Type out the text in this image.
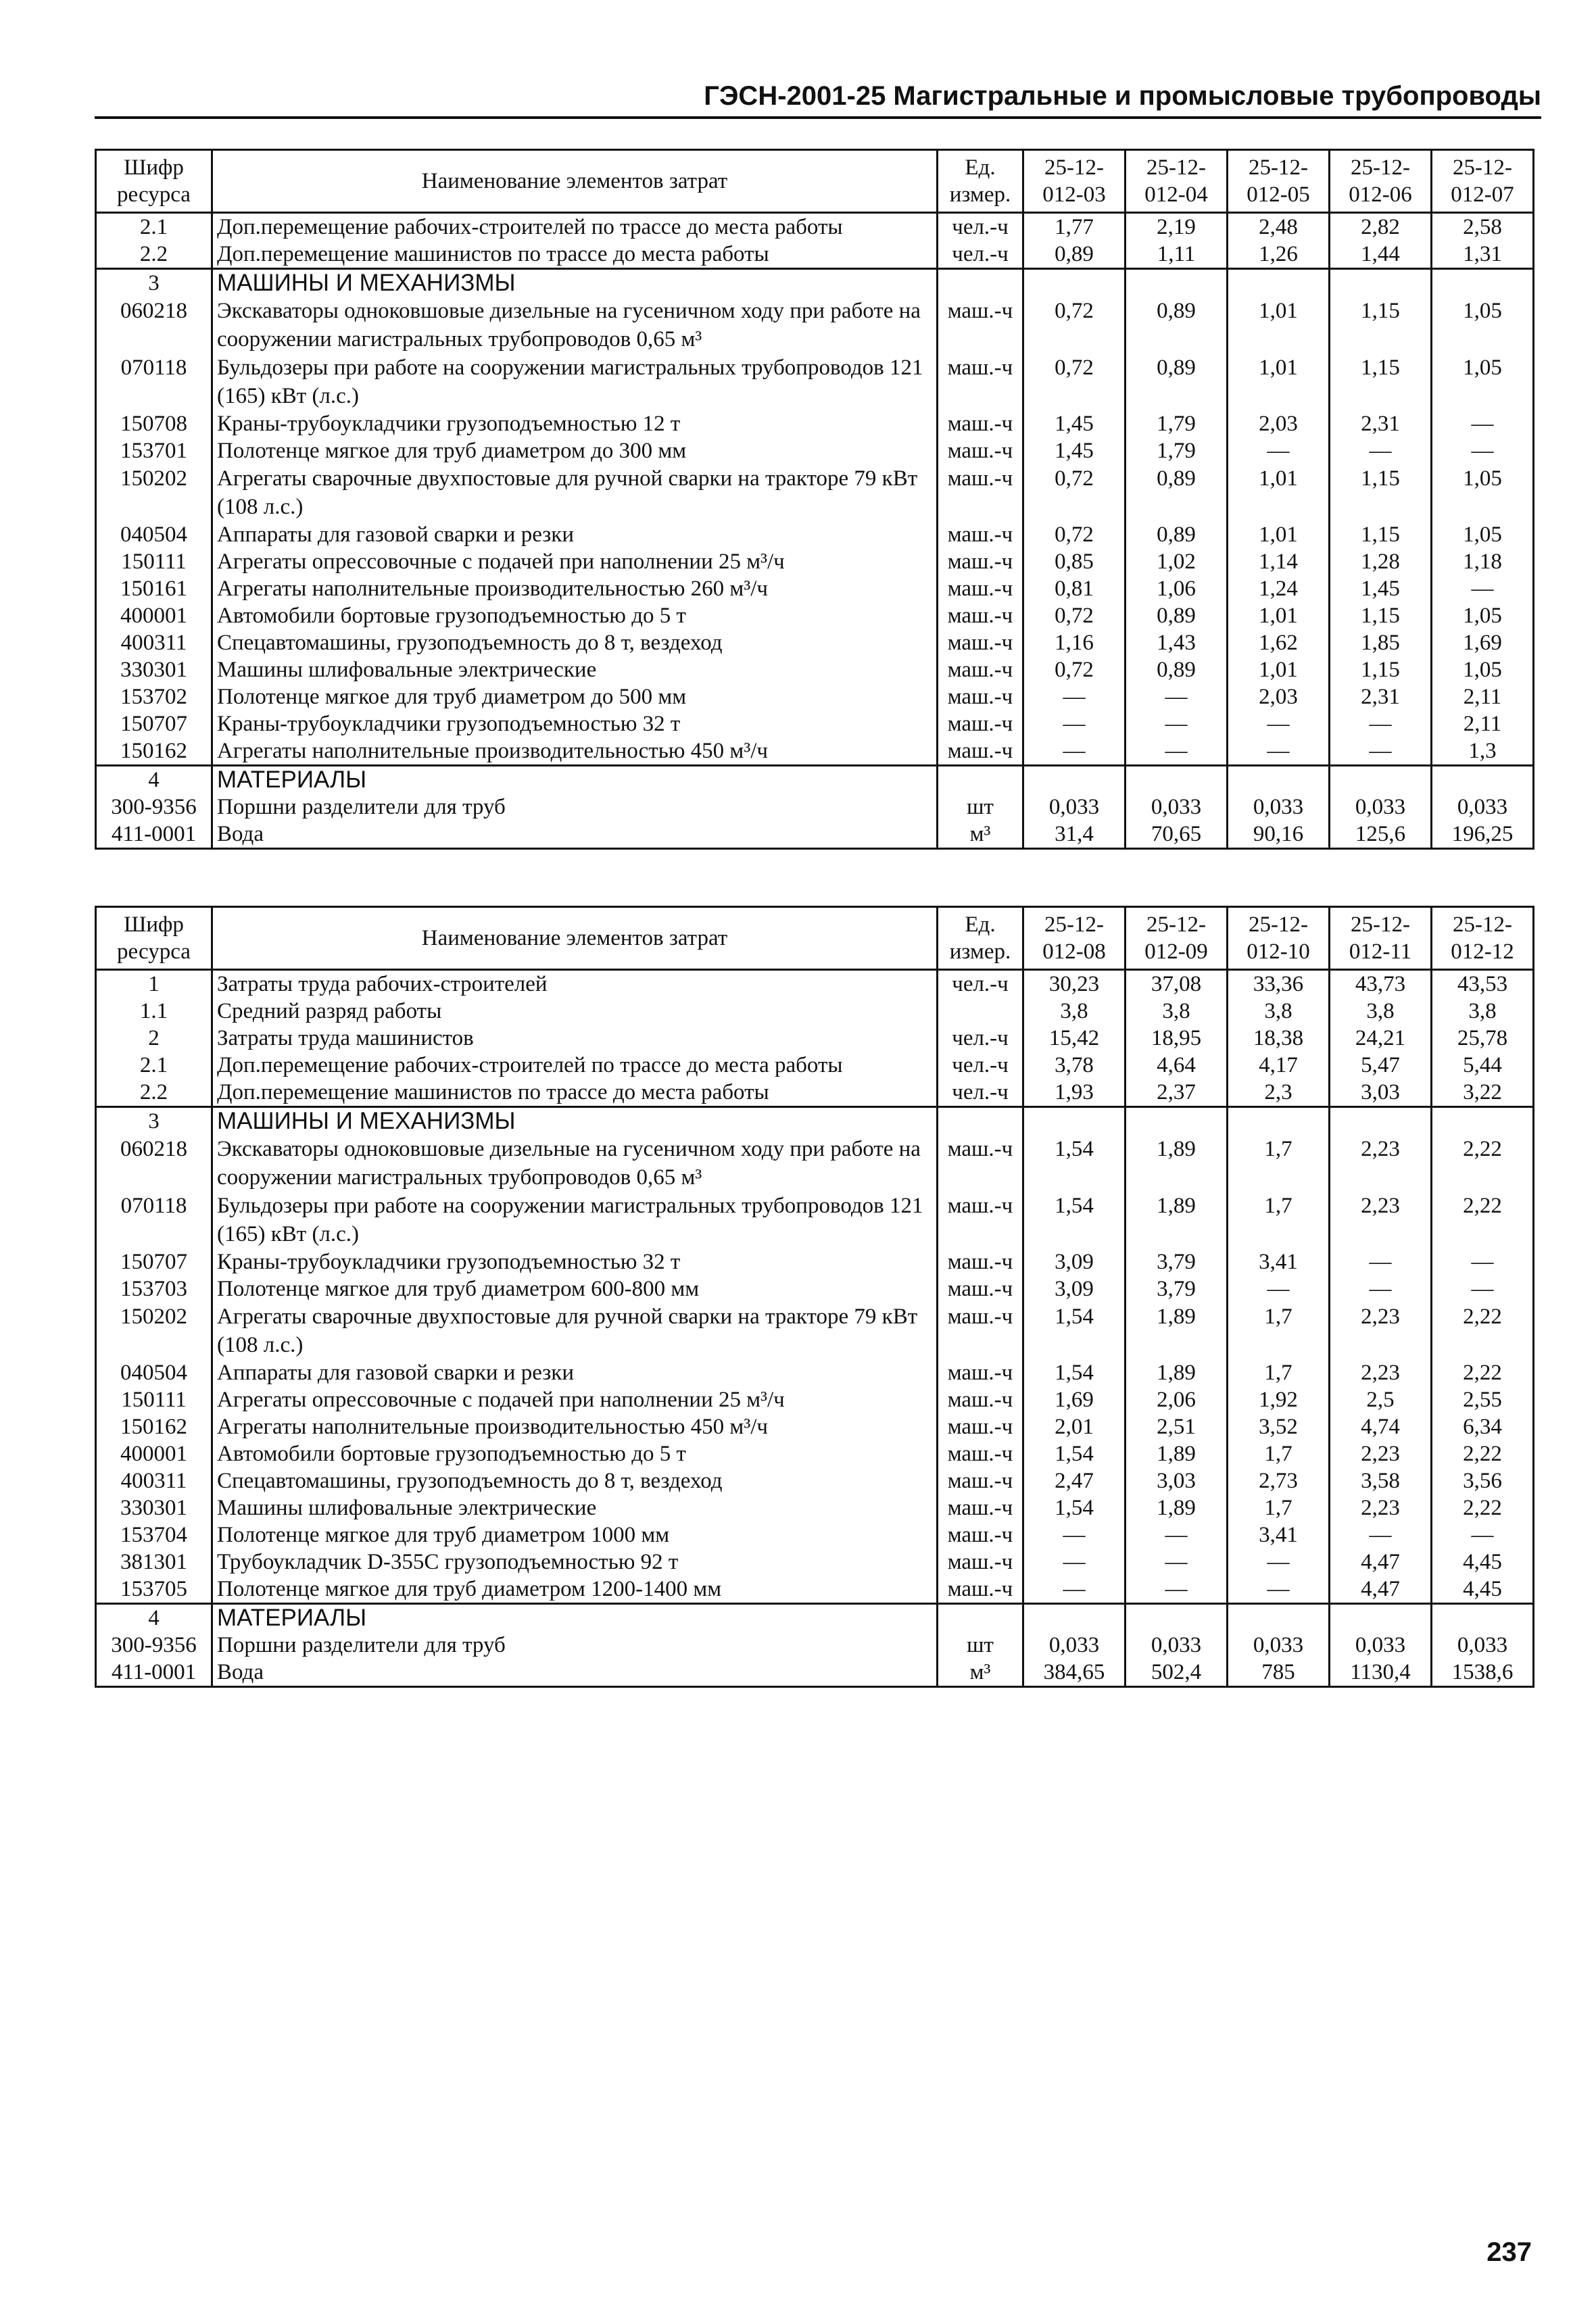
ГЭСН-2001-25 Магистральные и промысловые трубопроводы
Шифр ресурса	Наименование элементов затрат	Ед. измер.	25-12-012-03	25-12-012-04	25-12-012-05	25-12-012-06	25-12-012-07
2.1	Доп.перемещение рабочих-строителей по трассе до места работы	чел.-ч	1,77	2,19	2,48	2,82	2,58
2.2	Доп.перемещение машинистов по трассе до места работы	чел.-ч	0,89	1,11	1,26	1,44	1,31
3	МАШИНЫ И МЕХАНИЗМЫ						
060218	Экскаваторы одноковшовые дизельные на гусеничном ходу при работе на сооружении магистральных трубопроводов 0,65 м³	маш.-ч	0,72	0,89	1,01	1,15	1,05
070118	Бульдозеры при работе на сооружении магистральных трубопроводов 121 (165) кВт (л.с.)	маш.-ч	0,72	0,89	1,01	1,15	1,05
150708	Краны-трубоукладчики грузоподъемностью 12 т	маш.-ч	1,45	1,79	2,03	2,31	—
153701	Полотенце мягкое для труб диаметром до 300 мм	маш.-ч	1,45	1,79	—	—	—
150202	Агрегаты сварочные двухпостовые для ручной сварки на тракторе 79 кВт (108 л.с.)	маш.-ч	0,72	0,89	1,01	1,15	1,05
040504	Аппараты для газовой сварки и резки	маш.-ч	0,72	0,89	1,01	1,15	1,05
150111	Агрегаты опрессовочные с подачей при наполнении 25 м³/ч	маш.-ч	0,85	1,02	1,14	1,28	1,18
150161	Агрегаты наполнительные производительностью 260 м³/ч	маш.-ч	0,81	1,06	1,24	1,45	—
400001	Автомобили бортовые грузоподъемностью до 5 т	маш.-ч	0,72	0,89	1,01	1,15	1,05
400311	Спецавтомашины, грузоподъемность до 8 т, вездеход	маш.-ч	1,16	1,43	1,62	1,85	1,69
330301	Машины шлифовальные электрические	маш.-ч	0,72	0,89	1,01	1,15	1,05
153702	Полотенце мягкое для труб диаметром до 500 мм	маш.-ч	—	—	2,03	2,31	2,11
150707	Краны-трубоукладчики грузоподъемностью 32 т	маш.-ч	—	—	—	—	2,11
150162	Агрегаты наполнительные производительностью 450 м³/ч	маш.-ч	—	—	—	—	1,3
4	МАТЕРИАЛЫ						
300-9356	Поршни разделители для труб	шт	0,033	0,033	0,033	0,033	0,033
411-0001	Вода	м³	31,4	70,65	90,16	125,6	196,25
Шифр ресурса	Наименование элементов затрат	Ед. измер.	25-12-012-08	25-12-012-09	25-12-012-10	25-12-012-11	25-12-012-12
1	Затраты труда рабочих-строителей	чел.-ч	30,23	37,08	33,36	43,73	43,53
1.1	Средний разряд работы		3,8	3,8	3,8	3,8	3,8
2	Затраты труда машинистов	чел.-ч	15,42	18,95	18,38	24,21	25,78
2.1	Доп.перемещение рабочих-строителей по трассе до места работы	чел.-ч	3,78	4,64	4,17	5,47	5,44
2.2	Доп.перемещение машинистов по трассе до места работы	чел.-ч	1,93	2,37	2,3	3,03	3,22
3	МАШИНЫ И МЕХАНИЗМЫ						
060218	Экскаваторы одноковшовые дизельные на гусеничном ходу при работе на сооружении магистральных трубопроводов 0,65 м³	маш.-ч	1,54	1,89	1,7	2,23	2,22
070118	Бульдозеры при работе на сооружении магистральных трубопроводов 121 (165) кВт (л.с.)	маш.-ч	1,54	1,89	1,7	2,23	2,22
150707	Краны-трубоукладчики грузоподъемностью 32 т	маш.-ч	3,09	3,79	3,41	—	—
153703	Полотенце мягкое для труб диаметром 600-800 мм	маш.-ч	3,09	3,79	—	—	—
150202	Агрегаты сварочные двухпостовые для ручной сварки на тракторе 79 кВт (108 л.с.)	маш.-ч	1,54	1,89	1,7	2,23	2,22
040504	Аппараты для газовой сварки и резки	маш.-ч	1,54	1,89	1,7	2,23	2,22
150111	Агрегаты опрессовочные с подачей при наполнении 25 м³/ч	маш.-ч	1,69	2,06	1,92	2,5	2,55
150162	Агрегаты наполнительные производительностью 450 м³/ч	маш.-ч	2,01	2,51	3,52	4,74	6,34
400001	Автомобили бортовые грузоподъемностью до 5 т	маш.-ч	1,54	1,89	1,7	2,23	2,22
400311	Спецавтомашины, грузоподъемность до 8 т, вездеход	маш.-ч	2,47	3,03	2,73	3,58	3,56
330301	Машины шлифовальные электрические	маш.-ч	1,54	1,89	1,7	2,23	2,22
153704	Полотенце мягкое для труб диаметром 1000 мм	маш.-ч	—	—	3,41	—	—
381301	Трубоукладчик D-355C грузоподъемностью 92 т	маш.-ч	—	—	—	4,47	4,45
153705	Полотенце мягкое для труб диаметром 1200-1400 мм	маш.-ч	—	—	—	4,47	4,45
4	МАТЕРИАЛЫ						
300-9356	Поршни разделители для труб	шт	0,033	0,033	0,033	0,033	0,033
411-0001	Вода	м³	384,65	502,4	785	1130,4	1538,6
237
